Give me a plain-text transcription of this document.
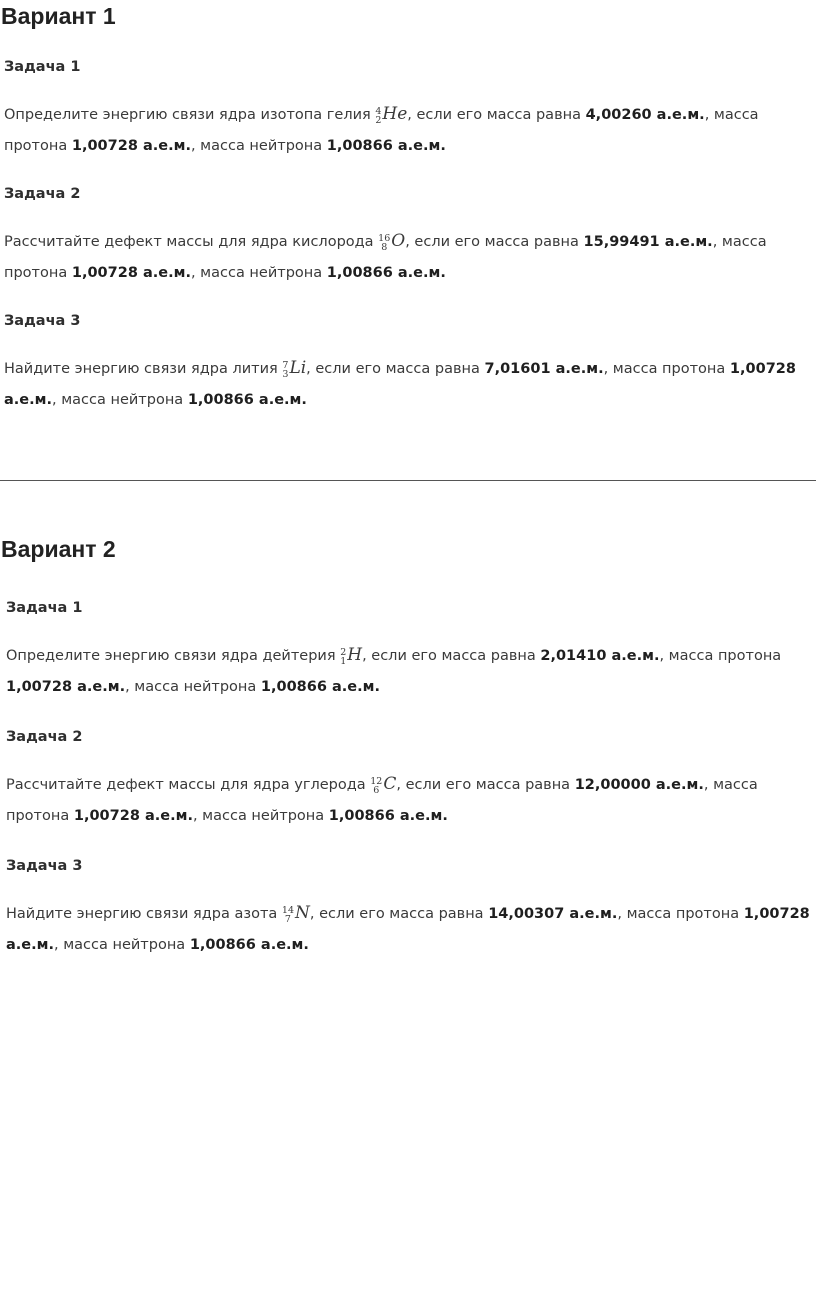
Вариант 1
Задача 1

Определите энергию связи ядра изотопа гелия 4
2 He, если его масса равна 4,00260 а.е.м., масса протона 1,00728 а.е.м., масса нейтрона 1,00866 а.е.м.

Задача 2

Рассчитайте дефект массы для ядра кислорода 16
8 O, если его масса равна 15,99491 а.е.м., масса протона 1,00728 а.е.м., масса нейтрона 1,00866 а.е.м.

Задача 3

Найдите энергию связи ядра лития 7
3 Li, если его масса равна 7,01601 а.е.м., масса протона 1,00728 а.е.м., масса нейтрона 1,00866 а.е.м.

Вариант 2
Задача 1

Определите энергию связи ядра дейтерия 2
1 H, если его масса равна 2,01410 а.е.м., масса протона 1,00728 а.е.м., масса нейтрона 1,00866 а.е.м.

Задача 2

Рассчитайте дефект массы для ядра углерода 12
6 C, если его масса равна 12,00000 а.е.м., масса протона 1,00728 а.е.м., масса нейтрона 1,00866 а.е.м.

Задача 3

Найдите энергию связи ядра азота 14
7 N, если его масса равна 14,00307 а.е.м., масса протона 1,00728 а.е.м., масса нейтрона 1,00866 а.е.м.
